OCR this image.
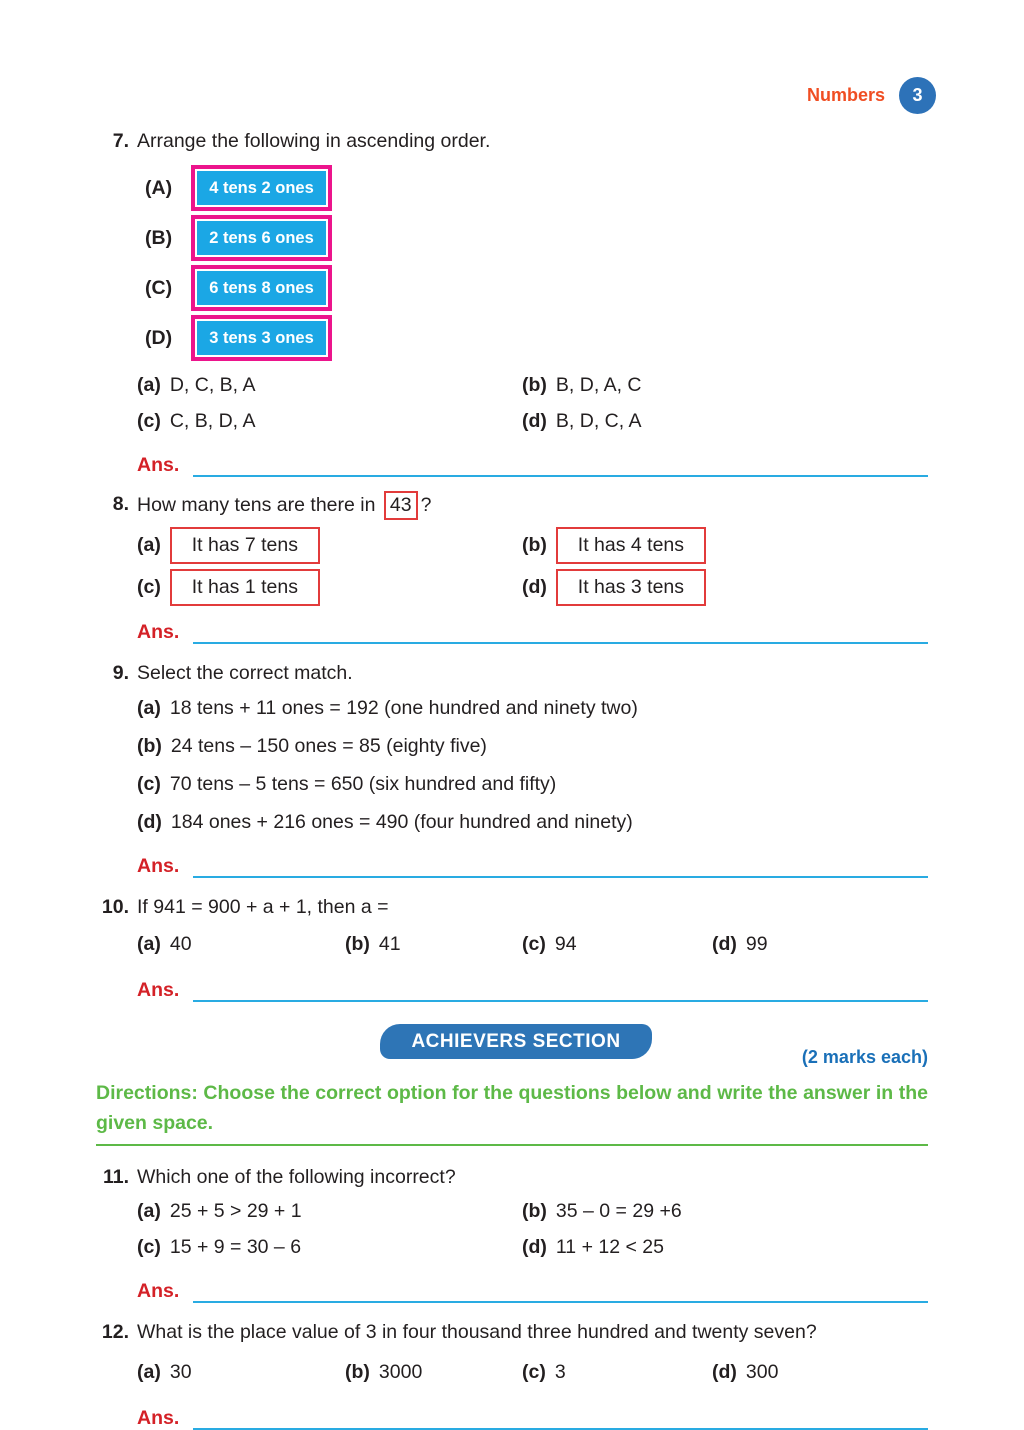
Numbers	3
7. Arrange the following in ascending order.
(A)	4 tens 2 ones
(B)	2 tens 6 ones
(C)	6 tens 8 ones
(D)	3 tens 3 ones
(a) D, C, B, A	(b) B, D, A, C
(c) C, B, D, A	(d) B, D, C, A
Ans.
8. How many tens are there in 43 ?
(a)	It has 7 tens	(b)	It has 4 tens
(c)	It has 1 tens	(d)	It has 3 tens
Ans.
9. Select the correct match.
(a) 18 tens + 11 ones = 192 (one hundred and ninety two)
(b) 24 tens – 150 ones = 85 (eighty five)
(c) 70 tens – 5 tens = 650 (six hundred and fifty)
(d) 184 ones + 216 ones = 490 (four hundred and ninety)
Ans.
10. If 941 = 900 + a + 1, then a =
(a) 40	(b) 41	(c) 94	(d) 99
Ans.
ACHIEVERS SECTION
(2 marks each)
Directions: Choose the correct option for the questions below and write the answer in the given space.
11. Which one of the following incorrect?
(a) 25 + 5 > 29 + 1	(b) 35 – 0 = 29 +6
(c) 15 + 9 = 30 – 6	(d) 11 + 12 < 25
Ans.
12. What is the place value of 3 in four thousand three hundred and twenty seven?
(a) 30	(b) 3000	(c) 3	(d) 300
Ans.
